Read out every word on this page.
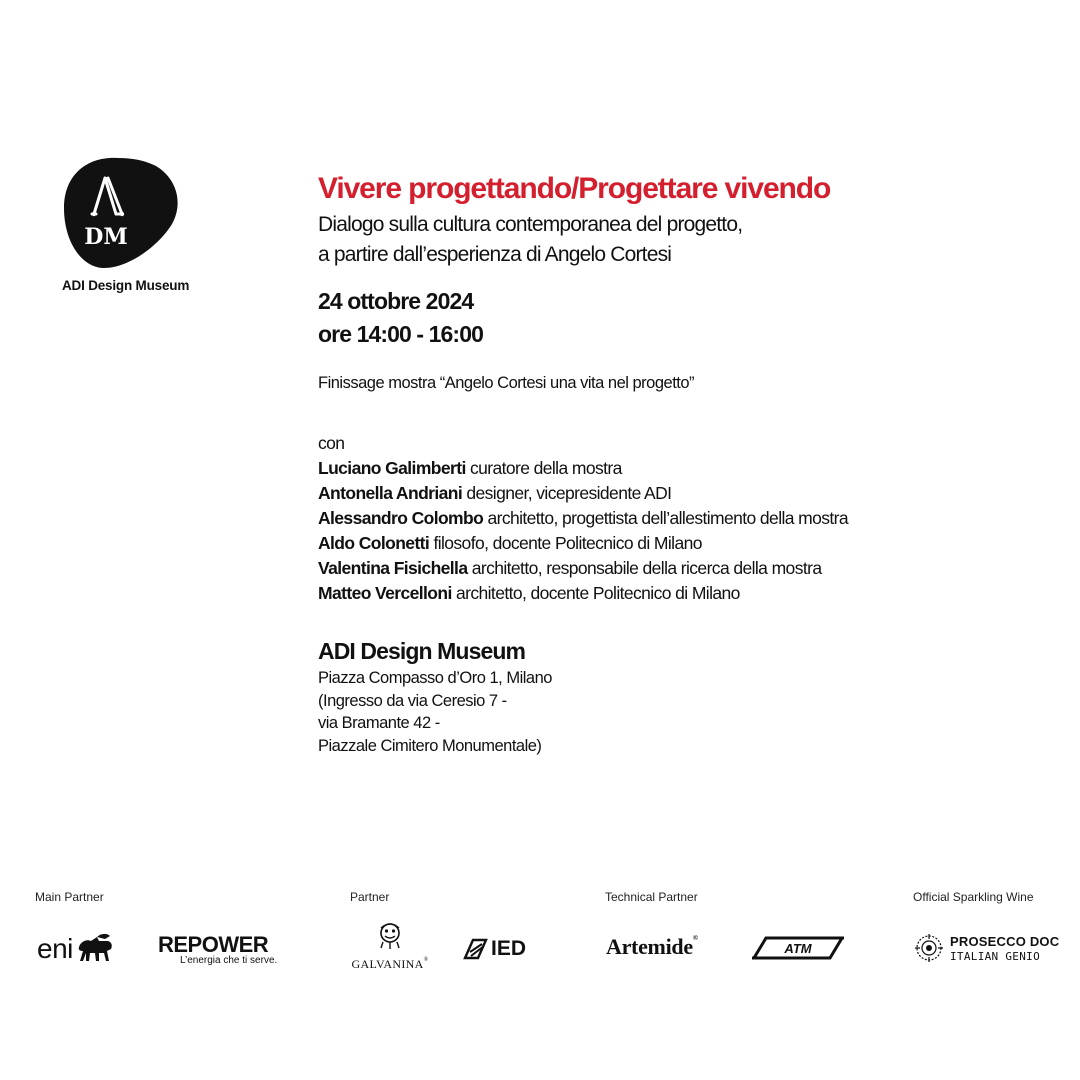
DM
ADI Design Museum
Vivere progettando/Progettare vivendo
Dialogo sulla cultura contemporanea del progetto,
a partire dall’esperienza di Angelo Cortesi
24 ottobre 2024
ore 14:00 - 16:00
Finissage mostra “Angelo Cortesi una vita nel progetto”
con
Luciano Galimberti curatore della mostra
Antonella Andriani designer, vicepresidente ADI
Alessandro Colombo architetto, progettista dell’allestimento della mostra
Aldo Colonetti filosofo, docente Politecnico di Milano
Valentina Fisichella architetto, responsabile della ricerca della mostra
Matteo Vercelloni architetto, docente Politecnico di Milano
ADI Design Museum
Piazza Compasso d’Oro 1, Milano
(Ingresso da via Ceresio 7 -
via Bramante 42 -
Piazzale Cimitero Monumentale)
Main Partner	Partner	Technical Partner	Official Sparkling Wine
eni	REPOWER
L’energia che ti serve.	GALVANINA®	IED	Artemide®
ATM	PROSECCO DOC
ITALIAN GENIO
